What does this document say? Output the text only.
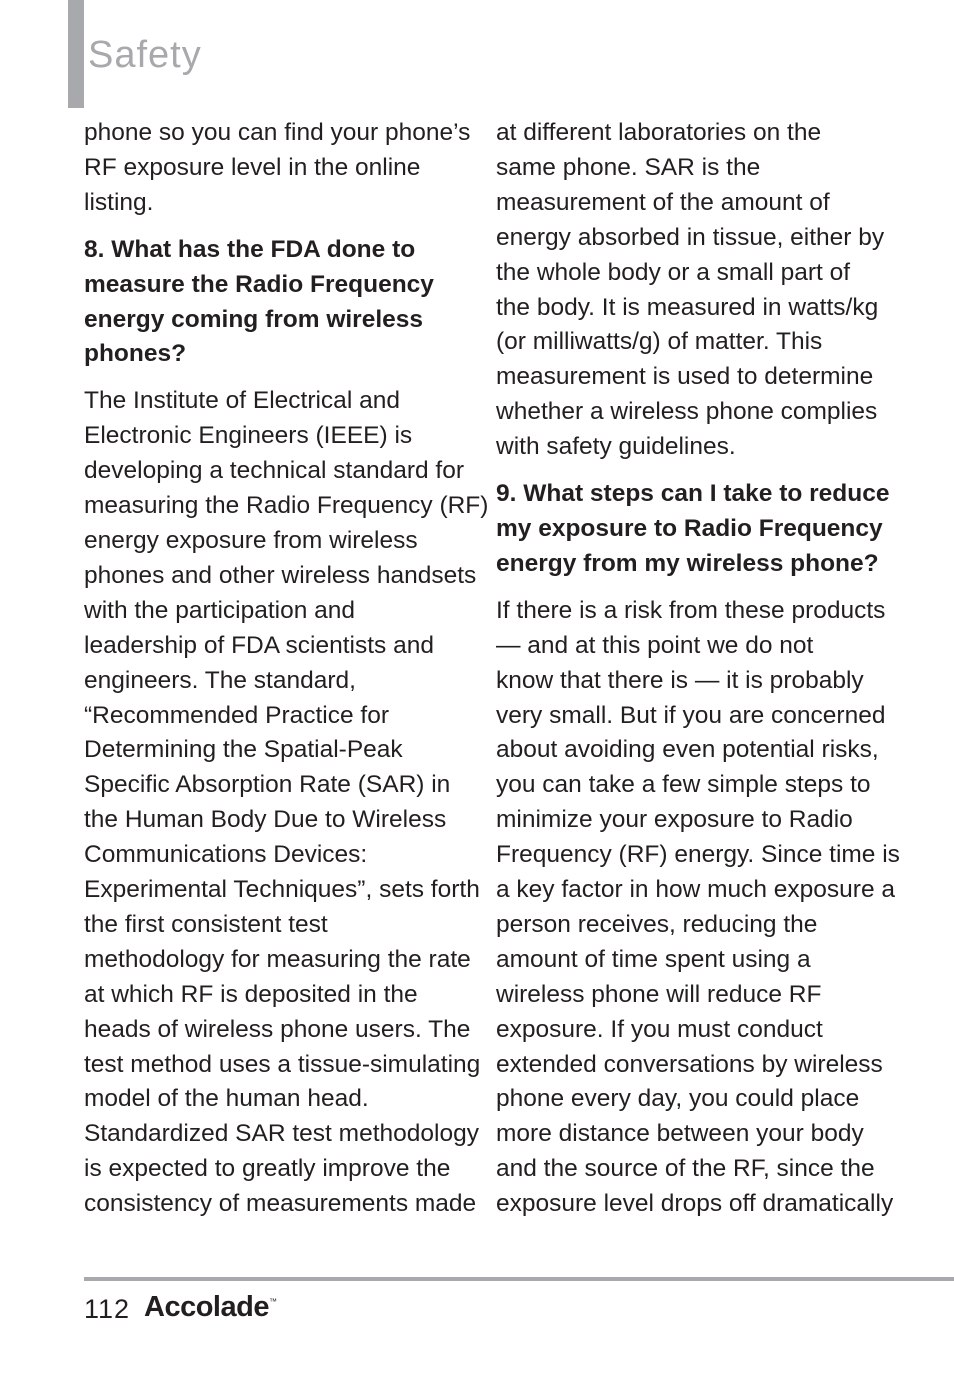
Safety
phone so you can find your phone’s
RF exposure level in the online
listing.
8. What has the FDA done to
measure the Radio Frequency
energy coming from wireless
phones?
The Institute of Electrical and
Electronic Engineers (IEEE) is
developing a technical standard for
measuring the Radio Frequency (RF)
energy exposure from wireless
phones and other wireless handsets
with the participation and
leadership of FDA scientists and
engineers. The standard,
“Recommended Practice for
Determining the Spatial-Peak
Specific Absorption Rate (SAR) in
the Human Body Due to Wireless
Communications Devices:
Experimental Techniques”, sets forth
the first consistent test
methodology for measuring the rate
at which RF is deposited in the
heads of wireless phone users. The
test method uses a tissue-simulating
model of the human head.
Standardized SAR test methodology
is expected to greatly improve the
consistency of measurements made
at different laboratories on the
same phone. SAR is the
measurement of the amount of
energy absorbed in tissue, either by
the whole body or a small part of
the body. It is measured in watts/kg
(or milliwatts/g) of matter. This
measurement is used to determine
whether a wireless phone complies
with safety guidelines.
9. What steps can I take to reduce
my exposure to Radio Frequency
energy from my wireless phone?
If there is a risk from these products
— and at this point we do not
know that there is — it is probably
very small. But if you are concerned
about avoiding even potential risks,
you can take a few simple steps to
minimize your exposure to Radio
Frequency (RF) energy. Since time is
a key factor in how much exposure a
person receives, reducing the
amount of time spent using a
wireless phone will reduce RF
exposure. If you must conduct
extended conversations by wireless
phone every day, you could place
more distance between your body
and the source of the RF, since the
exposure level drops off dramatically
112 Accolade™
